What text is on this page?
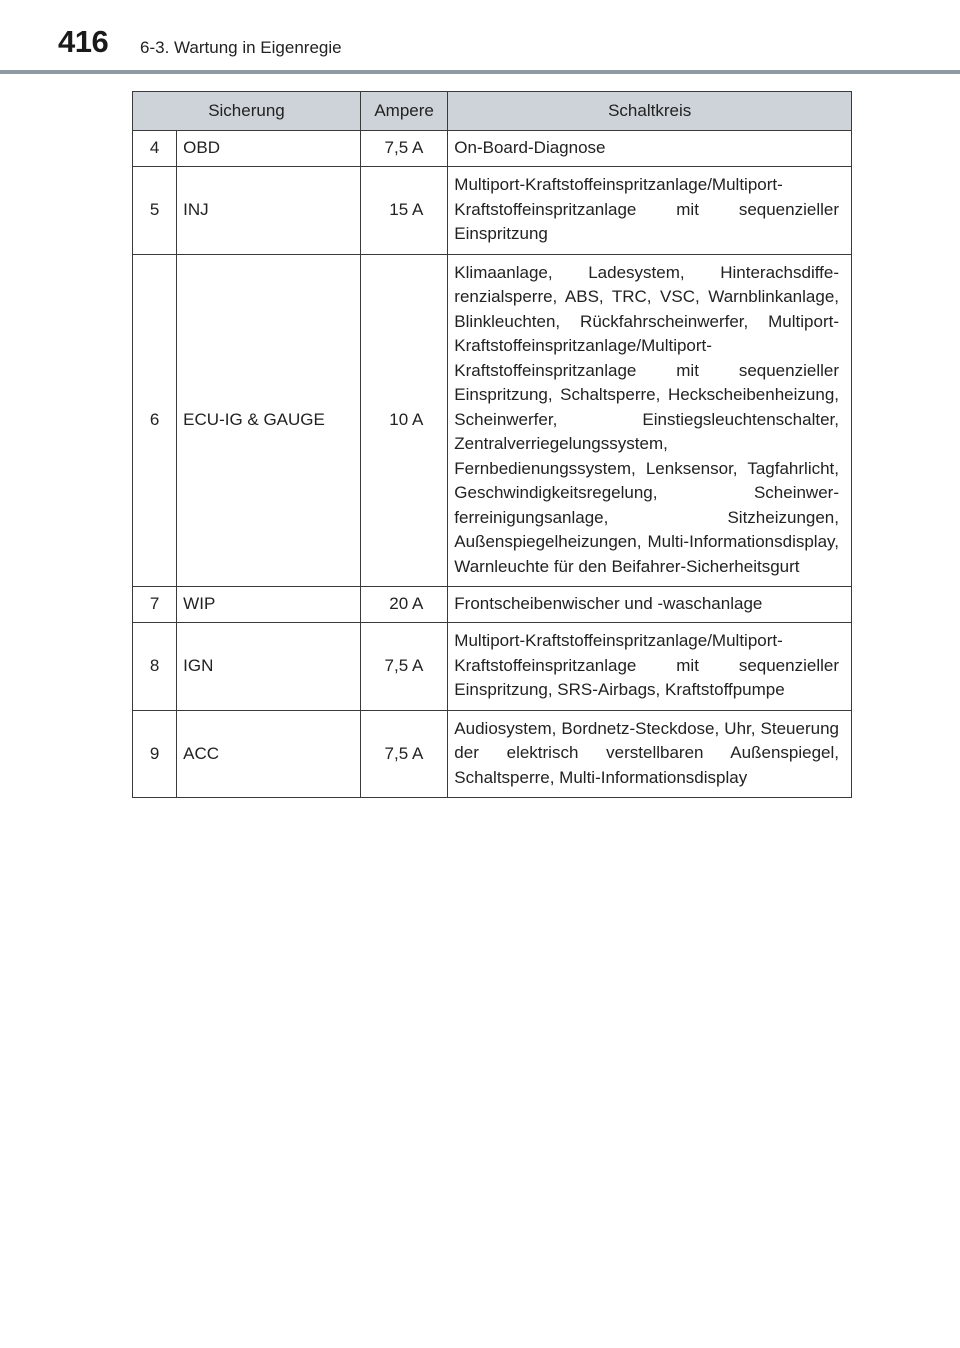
416 6-3. Wartung in Eigenregie
Sicherung		Ampere	Schaltkreis
4	OBD	7,5 A	On-Board-Diagnose
5	INJ	15 A	Multiport-Kraftstoffeinspritzanlage/Multiport-Kraftstoffeinspritzanlage mit sequenzieller Einspritzung
6	ECU-IG & GAUGE	10 A	Klimaanlage, Ladesystem, Hinterachsdifferenzialsperre, ABS, TRC, VSC, Warnblinkanlage, Blinkleuchten, Rückfahrscheinwerfer, Multiport-Kraftstoffeinspritzanlage/Multiport-Kraftstoffeinspritzanlage mit sequenzieller Einspritzung, Schaltsperre, Heckscheibenheizung, Scheinwerfer, Einstiegsleuchtenschalter, Zentralverriegelungssystem, Fernbedienungssystem, Lenksensor, Tagfahrlicht, Geschwindigkeitsregelung, Scheinwerferreinigungsanlage, Sitzheizungen, Außenspiegelheizungen, Multi-Informationsdisplay, Warnleuchte für den Beifahrer-Sicherheitsgurt
7	WIP	20 A	Frontscheibenwischer und -waschanlage
8	IGN	7,5 A	Multiport-Kraftstoffeinspritzanlage/Multiport-Kraftstoffeinspritzanlage mit sequenzieller Einspritzung, SRS-Airbags, Kraftstoffpumpe
9	ACC	7,5 A	Audiosystem, Bordnetz-Steckdose, Uhr, Steuerung der elektrisch verstellbaren Außenspiegel, Schaltsperre, Multi-Informationsdisplay
